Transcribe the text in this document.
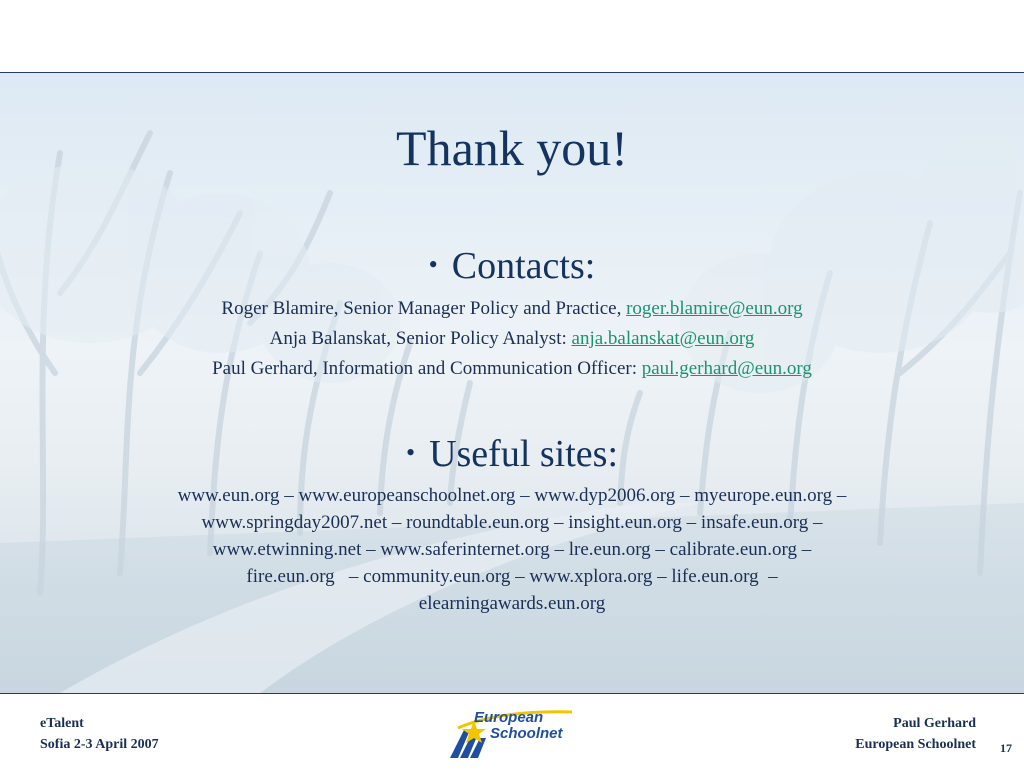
Thank you!
• Contacts:
Roger Blamire, Senior Manager Policy and Practice, roger.blamire@eun.org
Anja Balanskat, Senior Policy Analyst: anja.balanskat@eun.org
Paul Gerhard, Information and Communication Officer: paul.gerhard@eun.org
• Useful sites:
www.eun.org – www.europeanschoolnet.org – www.dyp2006.org – myeurope.eun.org –
www.springday2007.net – roundtable.eun.org – insight.eun.org – insafe.eun.org –
www.etwinning.net – www.saferinternet.org – lre.eun.org – calibrate.eun.org –
fire.eun.org   – community.eun.org – www.xplora.org – life.eun.org  –
elearningawards.eun.org
eTalent
Sofia 2-3 April 2007
European
Schoolnet
Paul Gerhard
European Schoolnet 17
